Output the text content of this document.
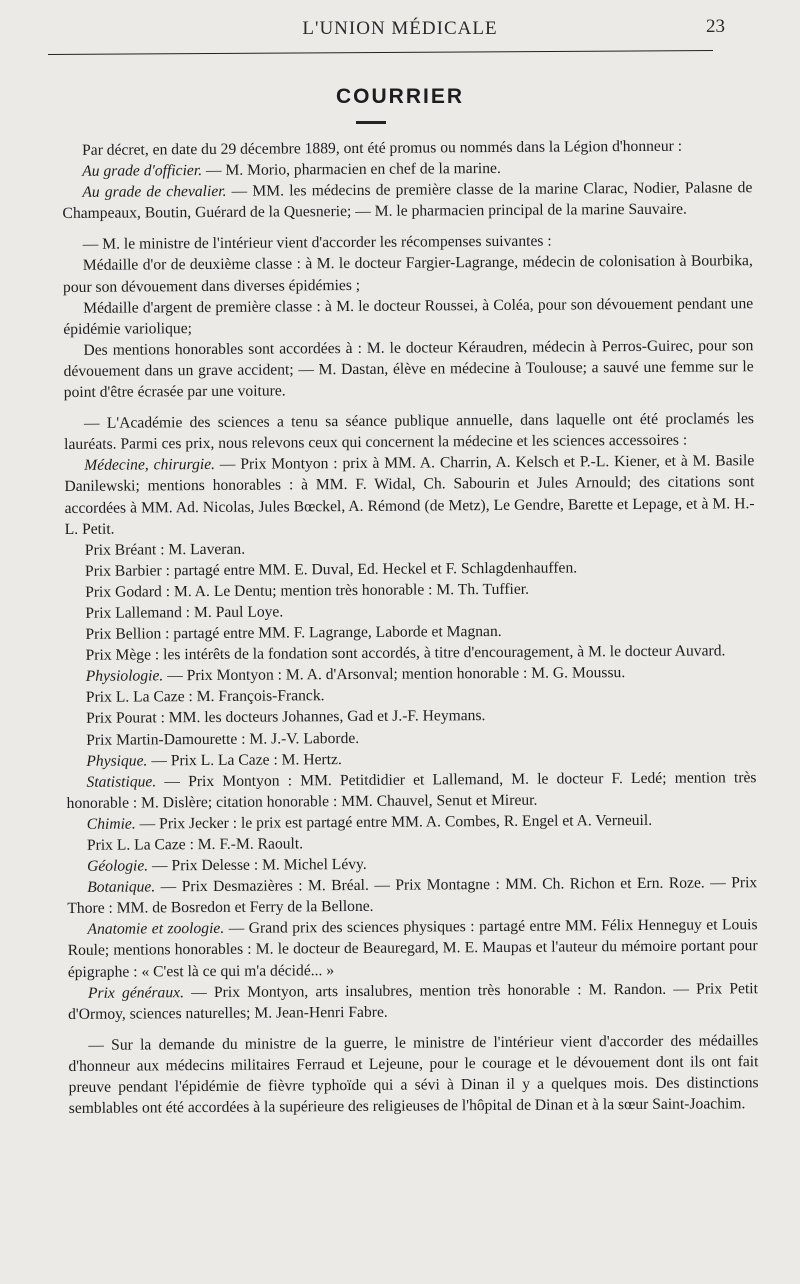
L'UNION MÉDICALE	23
COURRIER

Par décret, en date du 29 décembre 1889, ont été promus ou nommés dans la Légion d'honneur :

Au grade d'officier. — M. Morio, pharmacien en chef de la marine.

Au grade de chevalier. — MM. les médecins de première classe de la marine Clarac, Nodier, Palasne de Champeaux, Boutin, Guérard de la Quesnerie; — M. le pharmacien principal de la marine Sauvaire.

— M. le ministre de l'intérieur vient d'accorder les récompenses suivantes :

Médaille d'or de deuxième classe : à M. le docteur Fargier-Lagrange, médecin de colonisation à Bourbika, pour son dévouement dans diverses épidémies ;

Médaille d'argent de première classe : à M. le docteur Roussei, à Coléa, pour son dévouement pendant une épidémie variolique;

Des mentions honorables sont accordées à : M. le docteur Kéraudren, médecin à Perros-Guirec, pour son dévouement dans un grave accident; — M. Dastan, élève en médecine à Toulouse; a sauvé une femme sur le point d'être écrasée par une voiture.

— L'Académie des sciences a tenu sa séance publique annuelle, dans laquelle ont été proclamés les lauréats. Parmi ces prix, nous relevons ceux qui concernent la médecine et les sciences accessoires :

Médecine, chirurgie. — Prix Montyon : prix à MM. A. Charrin, A. Kelsch et P.-L. Kiener, et à M. Basile Danilewski; mentions honorables : à MM. F. Widal, Ch. Sabourin et Jules Arnould; des citations sont accordées à MM. Ad. Nicolas, Jules Bœckel, A. Rémond (de Metz), Le Gendre, Barette et Lepage, et à M. H.-L. Petit.

Prix Bréant : M. Laveran.

Prix Barbier : partagé entre MM. E. Duval, Ed. Heckel et F. Schlagdenhauffen.

Prix Godard : M. A. Le Dentu; mention très honorable : M. Th. Tuffier.

Prix Lallemand : M. Paul Loye.

Prix Bellion : partagé entre MM. F. Lagrange, Laborde et Magnan.

Prix Mège : les intérêts de la fondation sont accordés, à titre d'encouragement, à M. le docteur Auvard.

Physiologie. — Prix Montyon : M. A. d'Arsonval; mention honorable : M. G. Moussu.

Prix L. La Caze : M. François-Franck.

Prix Pourat : MM. les docteurs Johannes, Gad et J.-F. Heymans.

Prix Martin-Damourette : M. J.-V. Laborde.

Physique. — Prix L. La Caze : M. Hertz.

Statistique. — Prix Montyon : MM. Petitdidier et Lallemand, M. le docteur F. Ledé; mention très honorable : M. Dislère; citation honorable : MM. Chauvel, Senut et Mireur.

Chimie. — Prix Jecker : le prix est partagé entre MM. A. Combes, R. Engel et A. Verneuil.

Prix L. La Caze : M. F.-M. Raoult.

Géologie. — Prix Delesse : M. Michel Lévy.

Botanique. — Prix Desmazières : M. Bréal. — Prix Montagne : MM. Ch. Richon et Ern. Roze. — Prix Thore : MM. de Bosredon et Ferry de la Bellone.

Anatomie et zoologie. — Grand prix des sciences physiques : partagé entre MM. Félix Henneguy et Louis Roule; mentions honorables : M. le docteur de Beauregard, M. E. Maupas et l'auteur du mémoire portant pour épigraphe : « C'est là ce qui m'a décidé... »

Prix généraux. — Prix Montyon, arts insalubres, mention très honorable : M. Randon. — Prix Petit d'Ormoy, sciences naturelles; M. Jean-Henri Fabre.

— Sur la demande du ministre de la guerre, le ministre de l'intérieur vient d'accorder des médailles d'honneur aux médecins militaires Ferraud et Lejeune, pour le courage et le dévouement dont ils ont fait preuve pendant l'épidémie de fièvre typhoïde qui a sévi à Dinan il y a quelques mois. Des distinctions semblables ont été accordées à la supérieure des religieuses de l'hôpital de Dinan et à la sœur Saint-Joachim.
